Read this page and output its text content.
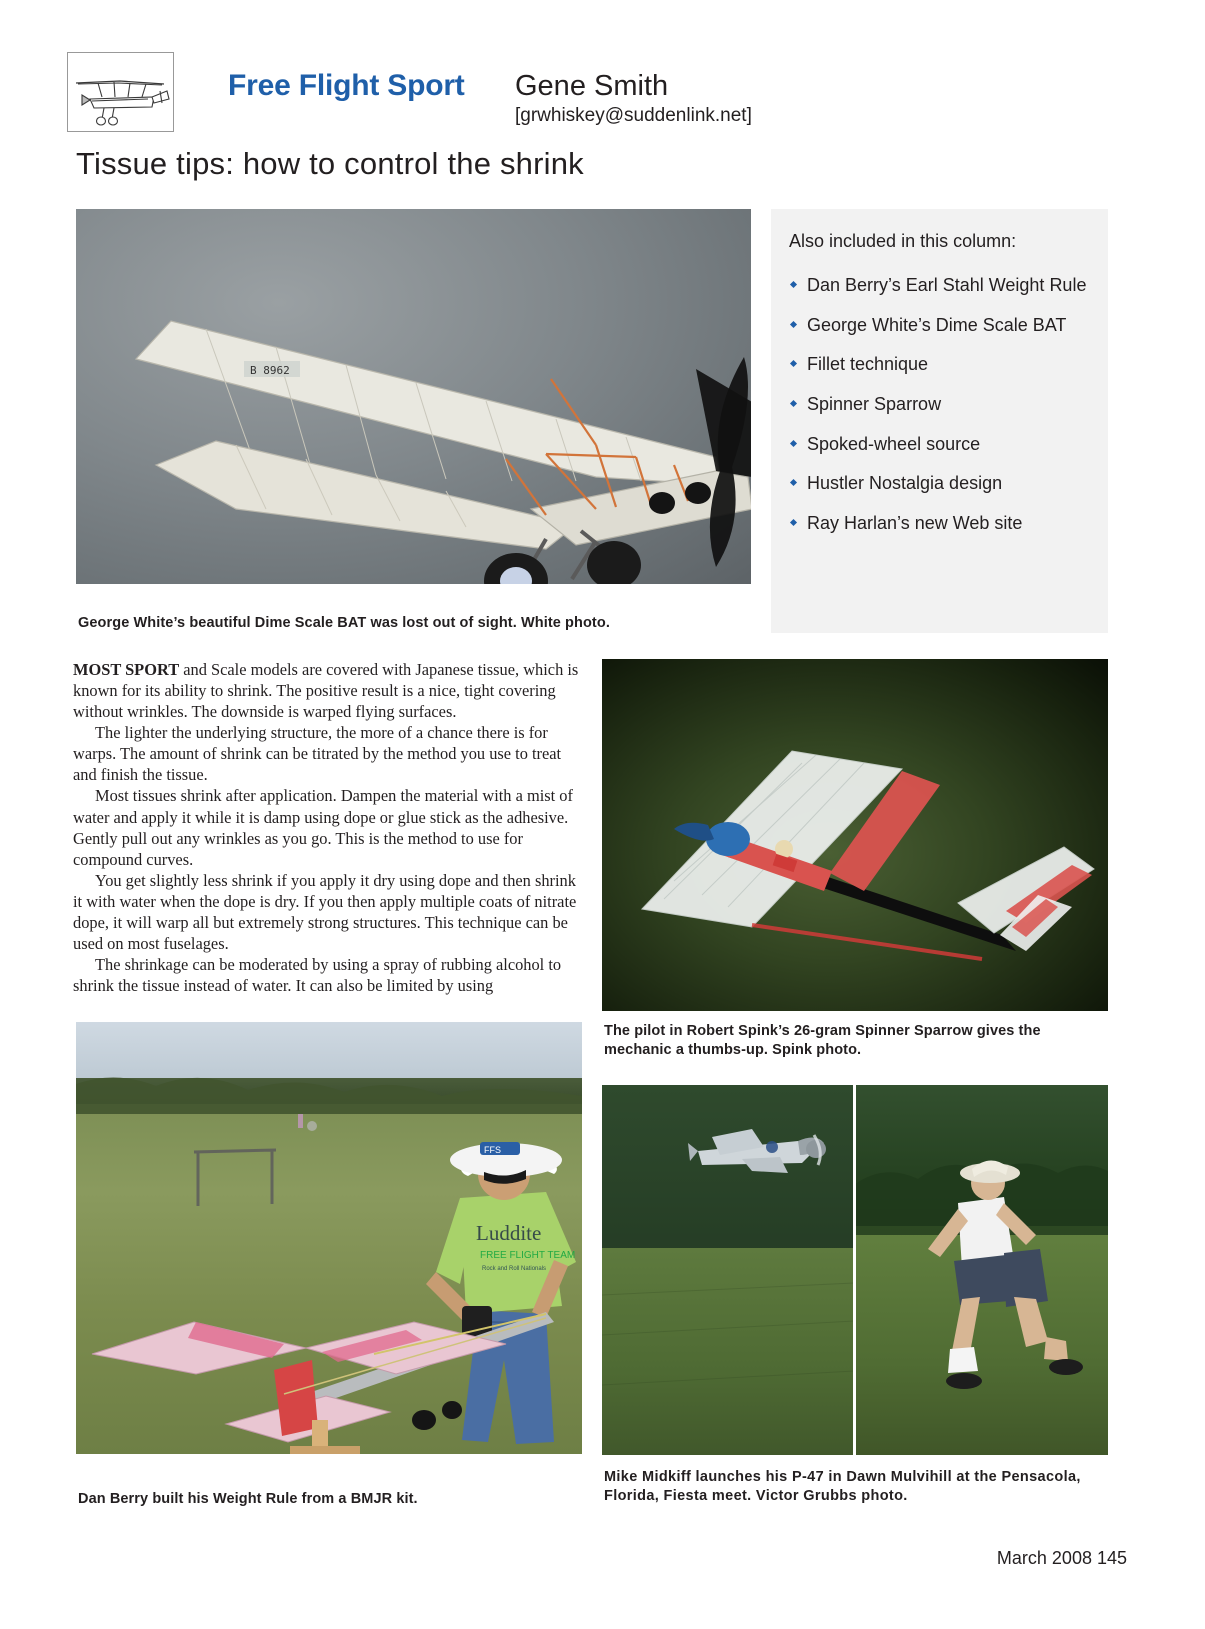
Free Flight Sport Gene Smith
[grwhiskey@suddenlink.net]
Tissue tips: how to control the shrink
B 8962
George White’s beautiful Dime Scale BAT was lost out of sight. White photo.
Also included in this column:
Dan Berry’s Earl Stahl Weight Rule
George White’s Dime Scale BAT
Fillet technique
Spinner Sparrow
Spoked-wheel source
Hustler Nostalgia design
Ray Harlan’s new Web site

MOST SPORT and Scale models are covered with Japanese tissue, which is known for its ability to shrink. The positive result is a nice, tight covering without wrinkles. The downside is warped flying surfaces.

The lighter the underlying structure, the more of a chance there is for warps. The amount of shrink can be titrated by the method you use to treat and finish the tissue.

Most tissues shrink after application. Dampen the material with a mist of water and apply it while it is damp using dope or glue stick as the adhesive. Gently pull out any wrinkles as you go. This is the method to use for compound curves.

You get slightly less shrink if you apply it dry using dope and then shrink it with water when the dope is dry. If you then apply multiple coats of nitrate dope, it will warp all but extremely strong structures. This technique can be used on most fuselages.

The shrinkage can be moderated by using a spray of rubbing alcohol to shrink the tissue instead of water. It can also be limited by using

The pilot in Robert Spink’s 26-gram Spinner Sparrow gives the mechanic a thumbs-up. Spink photo.
Luddite
FREE FLIGHT TEAM
Rock and Roll Nationals
FFS
Dan Berry built his Weight Rule from a BMJR kit.
Mike Midkiff launches his P-47 in Dawn Mulvihill at the Pensacola, Florida, Fiesta meet. Victor Grubbs photo.
March 2008 145
